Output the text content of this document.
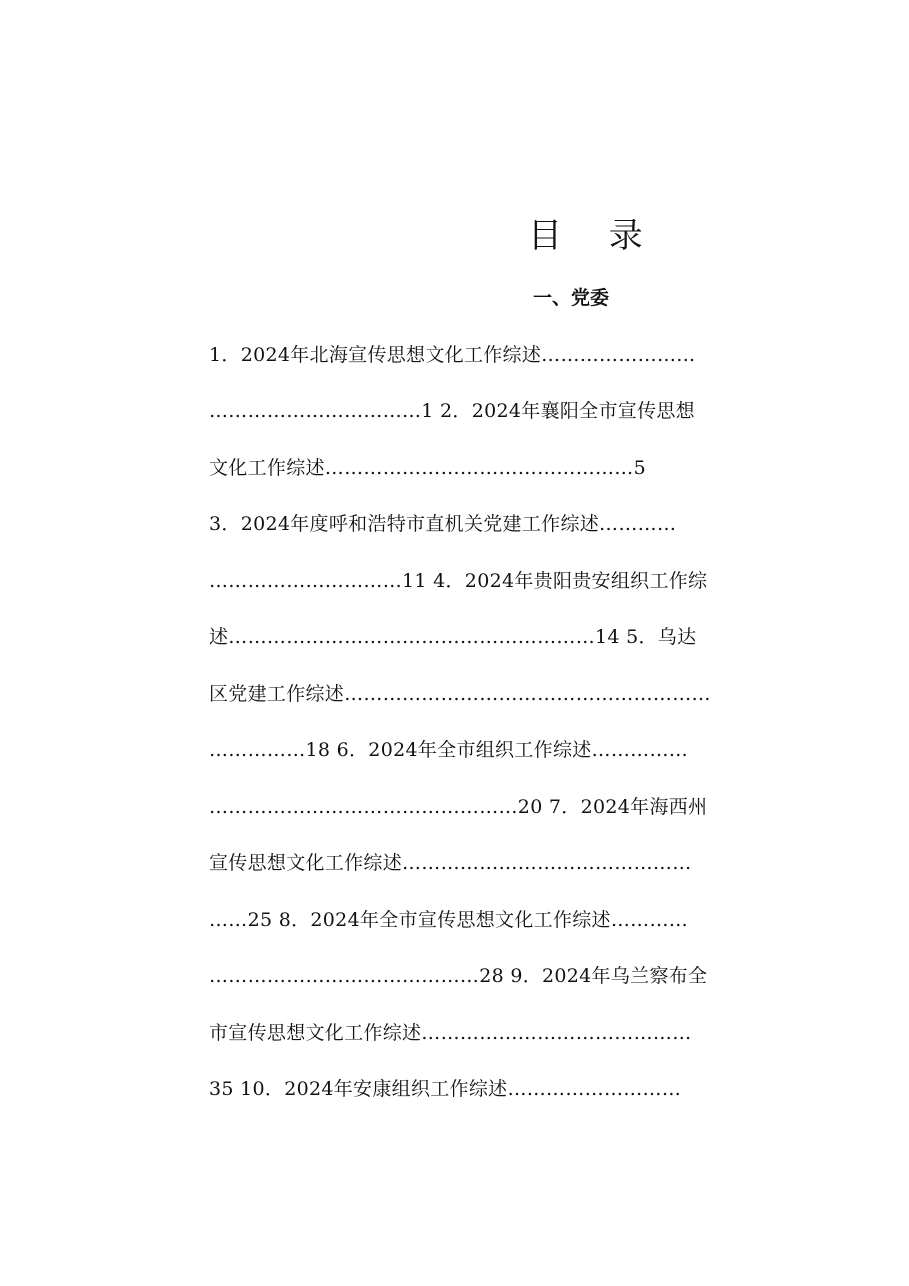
目 录
一、党委
1．2024年北海宣传思想文化工作综述……………………
……………………………1 2．2024年襄阳全市宣传思想
文化工作综述…………………………………………5
3．2024年度呼和浩特市直机关党建工作综述…………
…………………………11 4．2024年贵阳贵安组织工作综
述…………………………………………………14 5．乌达
区党建工作综述…………………………………………………
……………18 6．2024年全市组织工作综述……………
…………………………………………20 7．2024年海西州
宣传思想文化工作综述………………………………………
……25 8．2024年全市宣传思想文化工作综述…………
……………………………………28 9．2024年乌兰察布全
市宣传思想文化工作综述……………………………………
35 10．2024年安康组织工作综述………………………
